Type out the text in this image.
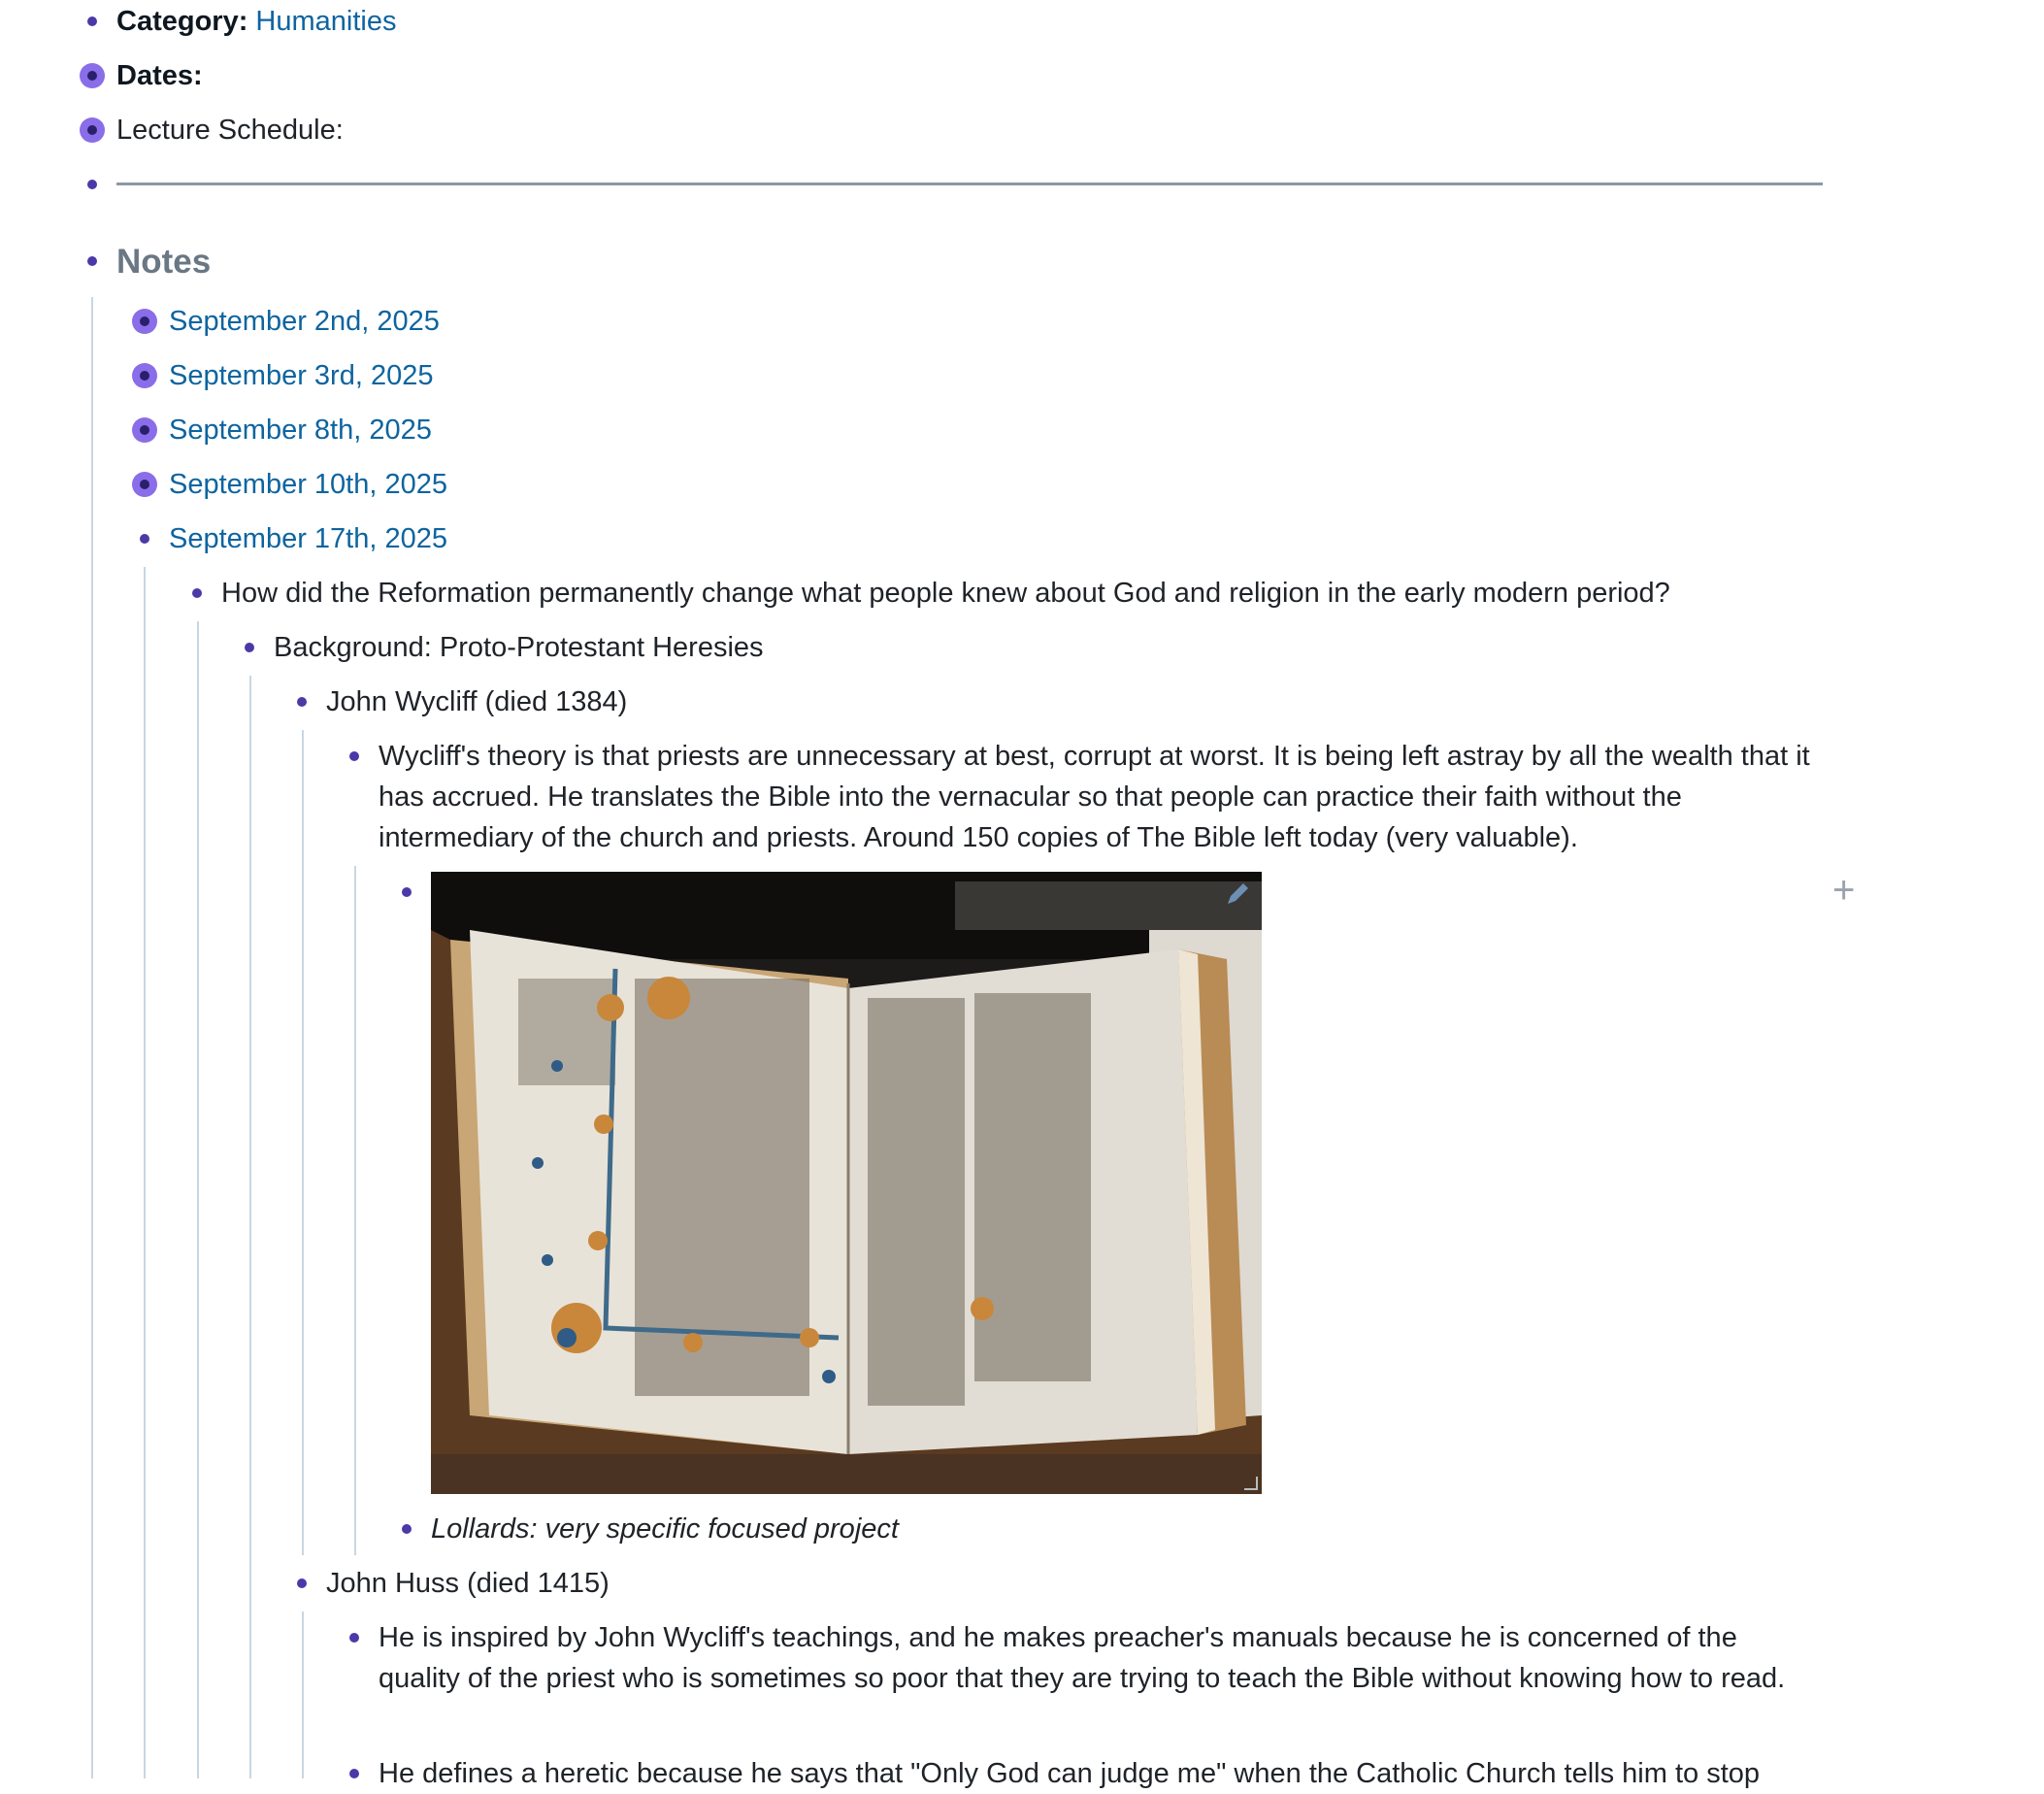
Category: Humanities
Dates:
Lecture Schedule:
Notes
September 2nd, 2025
September 3rd, 2025
September 8th, 2025
September 10th, 2025
September 17th, 2025
How did the Reformation permanently change what people knew about God and religion in the early modern period?
Background: Proto-Protestant Heresies
John Wycliff (died 1384)
Wycliff's theory is that priests are unnecessary at best, corrupt at worst. It is being left astray by all the wealth that it has accrued. He translates the Bible into the vernacular so that people can practice their faith without the intermediary of the church and priests. Around 150 copies of The Bible left today (very valuable).
+
Lollards: very specific focused project
John Huss (died 1415)
He is inspired by John Wycliff's teachings, and he makes preacher's manuals because he is concerned of the quality of the priest who is sometimes so poor that they are trying to teach the Bible without knowing how to read.
He defines a heretic because he says that "Only God can judge me" when the Catholic Church tells him to stop
